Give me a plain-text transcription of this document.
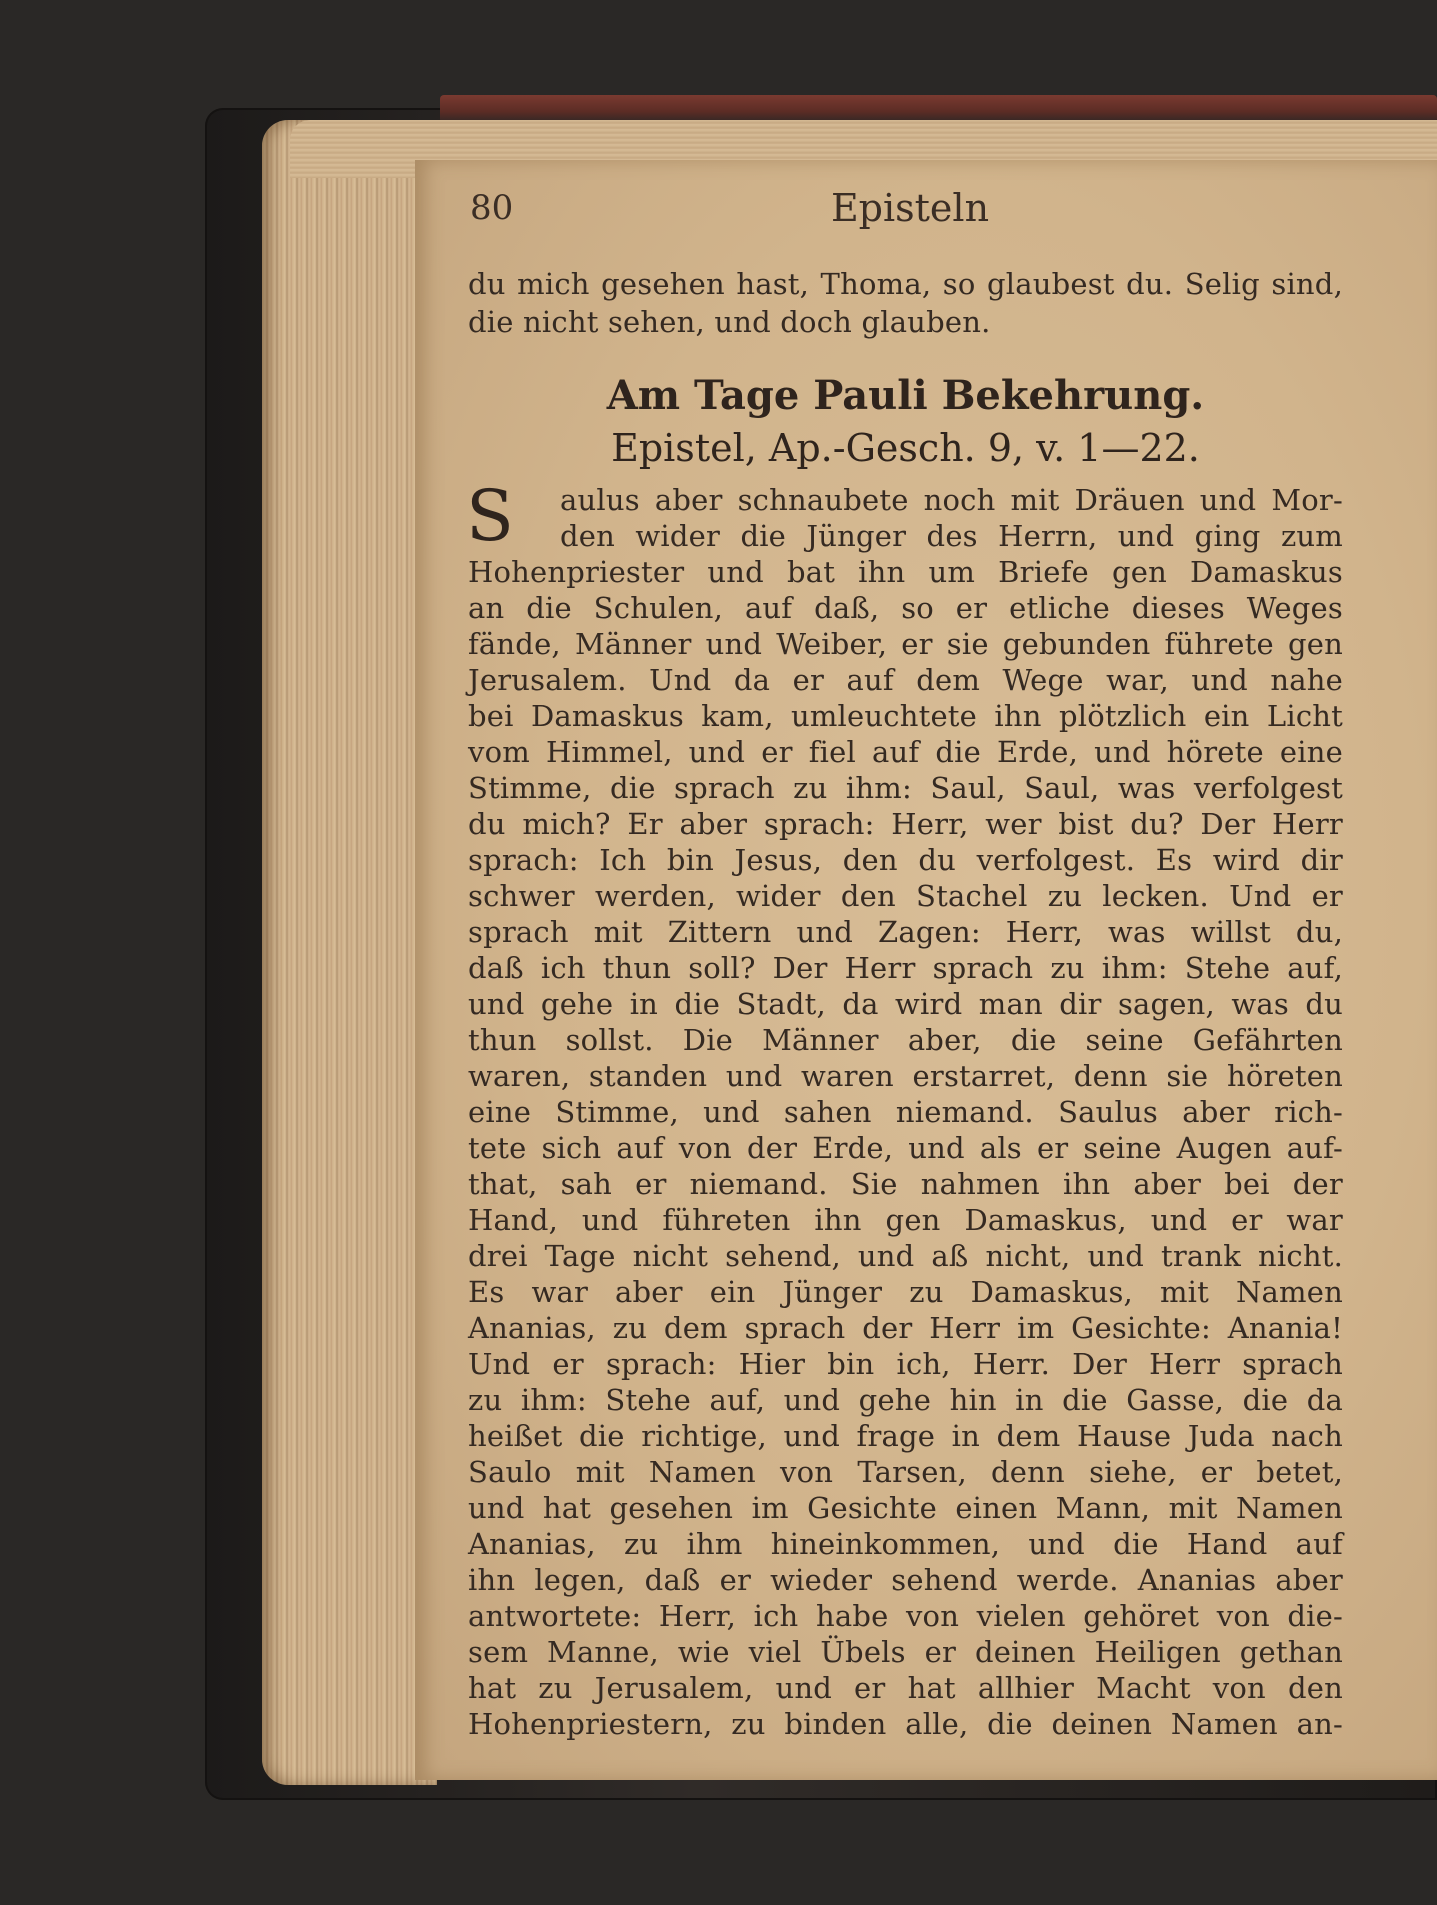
80	Episteln
du mich gesehen hast, Thoma, so glaubest du. Selig sind,
die nicht sehen, und doch glauben.
Am Tage Pauli Bekehrung.
Epistel, Ap.-Gesch. 9, v. 1—22.
S	aulus aber schnaubete noch mit Dräuen und Mor-
den wider die Jünger des Herrn, und ging zum
Hohenpriester und bat ihn um Briefe gen Damaskus
an die Schulen, auf daß, so er etliche dieses Weges
fände, Männer und Weiber, er sie gebunden führete gen
Jerusalem. Und da er auf dem Wege war, und nahe
bei Damaskus kam, umleuchtete ihn plötzlich ein Licht
vom Himmel, und er fiel auf die Erde, und hörete eine
Stimme, die sprach zu ihm: Saul, Saul, was verfolgest
du mich? Er aber sprach: Herr, wer bist du? Der Herr
sprach: Ich bin Jesus, den du verfolgest. Es wird dir
schwer werden, wider den Stachel zu lecken. Und er
sprach mit Zittern und Zagen: Herr, was willst du,
daß ich thun soll? Der Herr sprach zu ihm: Stehe auf,
und gehe in die Stadt, da wird man dir sagen, was du
thun sollst. Die Männer aber, die seine Gefährten
waren, standen und waren erstarret, denn sie höreten
eine Stimme, und sahen niemand. Saulus aber rich-
tete sich auf von der Erde, und als er seine Augen auf-
that, sah er niemand. Sie nahmen ihn aber bei der
Hand, und führeten ihn gen Damaskus, und er war
drei Tage nicht sehend, und aß nicht, und trank nicht.
Es war aber ein Jünger zu Damaskus, mit Namen
Ananias, zu dem sprach der Herr im Gesichte: Anania!
Und er sprach: Hier bin ich, Herr. Der Herr sprach
zu ihm: Stehe auf, und gehe hin in die Gasse, die da
heißet die richtige, und frage in dem Hause Juda nach
Saulo mit Namen von Tarsen, denn siehe, er betet,
und hat gesehen im Gesichte einen Mann, mit Namen
Ananias, zu ihm hineinkommen, und die Hand auf
ihn legen, daß er wieder sehend werde. Ananias aber
antwortete: Herr, ich habe von vielen gehöret von die-
sem Manne, wie viel Übels er deinen Heiligen gethan
hat zu Jerusalem, und er hat allhier Macht von den
Hohenpriestern, zu binden alle, die deinen Namen an-
